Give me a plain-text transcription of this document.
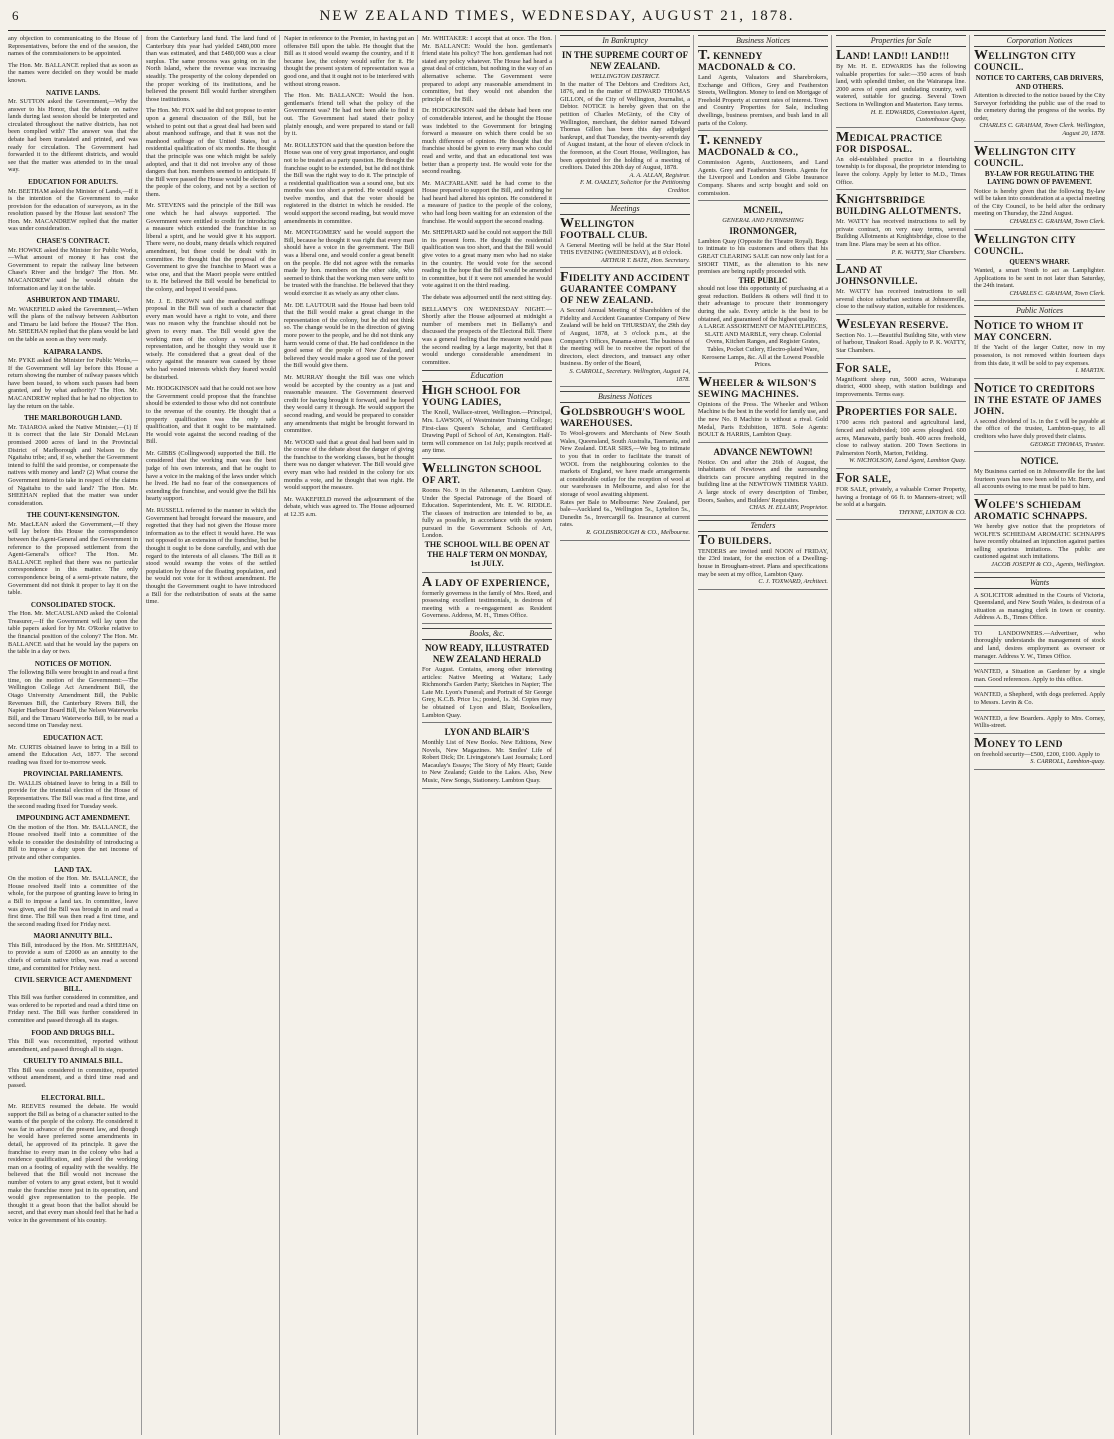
6	NEW ZEALAND TIMES, WEDNESDAY, AUGUST 21, 1878.

any objection to communicating to the House of Representatives, before the end of the session, the names of the commissioners to be appointed.

The Hon. Mr. BALLANCE replied that as soon as the names were decided on they would be made known.

NATIVE LANDS.

Mr. SUTTON asked the Government,—Why the answer to his Honor, that the debate on native lands during last session should be interpreted and circulated throughout the native districts, has not been complied with? The answer was that the debate had been translated and printed, and was ready for circulation. The Government had forwarded it to the different districts, and would see that the matter was attended to in the usual way.

EDUCATION FOR ADULTS.

Mr. BEETHAM asked the Minister of Lands,—If it is the intention of the Government to make provision for the education of surveyors, as in the resolution passed by the House last session? The Hon. Mr. MACANDREW replied that the matter was under consideration.

CHASE'S CONTRACT.

Mr. HOWKE asked the Minister for Public Works,—What amount of money it has cost the Government to repair the railway line between Chase's River and the bridge? The Hon. Mr. MACANDREW said he would obtain the information and lay it on the table.

ASHBURTON AND TIMARU.

Mr. WAKEFIELD asked the Government,—When will the plans of the railway between Ashburton and Timaru be laid before the House? The Hon. Mr. SHEEHAN replied that the plans would be laid on the table as soon as they were ready.

KAIPARA LANDS.

Mr. PYKE asked the Minister for Public Works,—If the Government will lay before this House a return showing the number of railway passes which have been issued, to whom such passes had been granted, and by what authority? The Hon. Mr. MACANDREW replied that he had no objection to lay the return on the table.

THE MARLBOROUGH LAND.

Mr. TAIAROA asked the Native Minister,—(1) If it is correct that the late Sir Donald McLean promised 2000 acres of land in the Provincial District of Marlborough and Nelson to the Ngaitahu tribe; and, if so, whether the Government intend to fulfil the said promise, or compensate the natives with money and land? (2) What course the Government intend to take in respect of the claims of Ngaitahu to the said land? The Hon. Mr. SHEEHAN replied that the matter was under consideration.

THE COUNT-KENSINGTON.

Mr. MacLEAN asked the Government,—If they will lay before this House the correspondence between the Agent-General and the Government in reference to the proposed settlement from the Agent-General's office? The Hon. Mr. BALLANCE replied that there was no particular correspondence in this matter. The only correspondence being of a semi-private nature, the Government did not think it proper to lay it on the table.

CONSOLIDATED STOCK.

The Hon. Mr. McCAUSLAND asked the Colonial Treasurer,—If the Government will lay upon the table papers asked for by Mr. O'Rorke relative to the financial position of the colony? The Hon. Mr. BALLANCE said that he would lay the papers on the table in a day or two.

NOTICES OF MOTION.

The following Bills were brought in and read a first time, on the motion of the Government:—The Wellington College Act Amendment Bill, the Otago University Amendment Bill, the Public Revenues Bill, the Canterbury Rivers Bill, the Napier Harbour Board Bill, the Nelson Waterworks Bill, and the Timaru Waterworks Bill, to be read a second time on Tuesday next.

EDUCATION ACT.

Mr. CURTIS obtained leave to bring in a Bill to amend the Education Act, 1877. The second reading was fixed for to-morrow week.

PROVINCIAL PARLIAMENTS.

Dr. WALLIS obtained leave to bring in a Bill to provide for the triennial election of the House of Representatives. The Bill was read a first time, and the second reading fixed for Tuesday week.

IMPOUNDING ACT AMENDMENT.

On the motion of the Hon. Mr. BALLANCE, the House resolved itself into a committee of the whole to consider the desirability of introducing a Bill to impose a duty upon the net income of private and other companies.

LAND TAX.

On the motion of the Hon. Mr. BALLANCE, the House resolved itself into a committee of the whole, for the purpose of granting leave to bring in a Bill to impose a land tax. In committee, leave was given, and the Bill was brought in and read a first time. The Bill was then read a first time, and the second reading fixed for Friday next.

MAORI ANNUITY BILL.

This Bill, introduced by the Hon. Mr. SHEEHAN, to provide a sum of £2000 as an annuity to the chiefs of certain native tribes, was read a second time, and committed for Friday next.

CIVIL SERVICE ACT AMENDMENT BILL.

This Bill was further considered in committee, and was ordered to be reported and read a third time on Friday next. The Bill was further considered in committee and passed through all its stages.

FOOD AND DRUGS BILL.

This Bill was recommitted, reported without amendment, and passed through all its stages.

CRUELTY TO ANIMALS BILL.

This Bill was considered in committee, reported without amendment, and a third time read and passed.

ELECTORAL BILL.

Mr. REEVES resumed the debate. He would support the Bill as being of a character suited to the wants of the people of the colony. He considered it was far in advance of the present law, and though he would have preferred some amendments in detail, he approved of its principle. It gave the franchise to every man in the colony who had a residence qualification, and placed the working man on a footing of equality with the wealthy. He believed that the Bill would not increase the number of voters to any great extent, but it would make the franchise more just in its operation, and would give representation to the people. He thought it a great boon that the ballot should be secret, and that every man should feel that he had a voice in the government of his country.

from the Canterbury land fund. The land fund of Canterbury this year had yielded £480,000 more than was estimated, and that £480,000 was a clear surplus. The same process was going on in the North Island, where the revenue was increasing steadily. The prosperity of the colony depended on the proper working of its institutions, and he believed the present Bill would further strengthen those institutions.

The Hon. Mr. FOX said he did not propose to enter upon a general discussion of the Bill, but he wished to point out that a great deal had been said about manhood suffrage, and that it was not the manhood suffrage of the United States, but a residential qualification of six months. He thought that the principle was one which might be safely adopted, and that it did not involve any of those dangers that hon. members seemed to anticipate. If the Bill were passed the House would be elected by the people of the colony, and not by a section of them.

Mr. STEVENS said the principle of the Bill was one which he had always supported. The Government were entitled to credit for introducing a measure which extended the franchise in so liberal a spirit, and he would give it his support. There were, no doubt, many details which required amendment, but these could be dealt with in committee. He thought that the proposal of the Government to give the franchise to Maori was a wise one, and that the Maori people were entitled to it. He believed the Bill would be beneficial to the colony, and hoped it would pass.

Mr. J. E. BROWN said the manhood suffrage proposal in the Bill was of such a character that every man would have a right to vote, and there was no reason why the franchise should not be given to every man. The Bill would give the working men of the colony a voice in the representation, and he thought they would use it wisely. He considered that a great deal of the outcry against the measure was caused by those who had vested interests which they feared would be disturbed.

Mr. HODGKINSON said that he could not see how the Government could propose that the franchise should be extended to those who did not contribute to the revenue of the country. He thought that a property qualification was the only safe qualification, and that it ought to be maintained. He would vote against the second reading of the Bill.

Mr. GIBBS (Collingwood) supported the Bill. He considered that the working man was the best judge of his own interests, and that he ought to have a voice in the making of the laws under which he lived. He had no fear of the consequences of extending the franchise, and would give the Bill his hearty support.

Mr. RUSSELL referred to the manner in which the Government had brought forward the measure, and regretted that they had not given the House more information as to the effect it would have. He was not opposed to an extension of the franchise, but he thought it ought to be done carefully, and with due regard to the interests of all classes. The Bill as it stood would swamp the votes of the settled population by those of the floating population, and he would not vote for it without amendment. He thought the Government ought to have introduced a Bill for the redistribution of seats at the same time.

Napier in reference to the Premier, in having put an offensive Bill upon the table. He thought that the Bill as it stood would swamp the country, and if it became law, the colony would suffer for it. He thought the present system of representation was a good one, and that it ought not to be interfered with without strong reason.

The Hon. Mr. BALLANCE: Would the hon. gentleman's friend tell what the policy of the Government was? He had not been able to find it out. The Government had stated their policy plainly enough, and were prepared to stand or fall by it.

Mr. ROLLESTON said that the question before the House was one of very great importance, and ought not to be treated as a party question. He thought the franchise ought to be extended, but he did not think the Bill was the right way to do it. The principle of a residential qualification was a sound one, but six months was too short a period. He would suggest twelve months, and that the voter should be registered in the district in which he resided. He would support the second reading, but would move amendments in committee.

Mr. MONTGOMERY said he would support the Bill, because he thought it was right that every man should have a voice in the government. The Bill was a liberal one, and would confer a great benefit on the people. He did not agree with the remarks made by hon. members on the other side, who seemed to think that the working men were unfit to be trusted with the franchise. He believed that they would exercise it as wisely as any other class.

Mr. DE LAUTOUR said the House had been told that the Bill would make a great change in the representation of the colony, but he did not think so. The change would be in the direction of giving more power to the people, and he did not think any harm would come of that. He had confidence in the good sense of the people of New Zealand, and believed they would make a good use of the power the Bill would give them.

Mr. MURRAY thought the Bill was one which would be accepted by the country as a just and reasonable measure. The Government deserved credit for having brought it forward, and he hoped they would carry it through. He would support the second reading, and would be prepared to consider any amendments that might be brought forward in committee.

Mr. WOOD said that a great deal had been said in the course of the debate about the danger of giving the franchise to the working classes, but he thought there was no danger whatever. The Bill would give every man who had resided in the colony for six months a vote, and he thought that was right. He would support the measure.

Mr. WAKEFIELD moved the adjournment of the debate, which was agreed to. The House adjourned at 12.35 a.m.

Mr. WHITAKER: I accept that at once. The Hon. Mr. BALLANCE: Would the hon. gentleman's friend state his policy? The hon. gentleman had not stated any policy whatever. The House had heard a great deal of criticism, but nothing in the way of an alternative scheme. The Government were prepared to adopt any reasonable amendment in committee, but they would not abandon the principle of the Bill.

Dr. HODGKINSON said the debate had been one of considerable interest, and he thought the House was indebted to the Government for bringing forward a measure on which there could be so much difference of opinion. He thought that the franchise should be given to every man who could read and write, and that an educational test was better than a property test. He would vote for the second reading.

Mr. MACFARLANE said he had come to the House prepared to support the Bill, and nothing he had heard had altered his opinion. He considered it a measure of justice to the people of the colony, who had long been waiting for an extension of the franchise. He would support the second reading.

Mr. SHEPHARD said he could not support the Bill in its present form. He thought the residential qualification was too short, and that the Bill would give votes to a great many men who had no stake in the country. He would vote for the second reading in the hope that the Bill would be amended in committee, but if it were not amended he would vote against it on the third reading.

The debate was adjourned until the next sitting day.

BELLAMY'S ON WEDNESDAY NIGHT.—Shortly after the House adjourned at midnight a number of members met in Bellamy's and discussed the prospects of the Electoral Bill. There was a general feeling that the measure would pass the second reading by a large majority, but that it would undergo considerable amendment in committee.

Education
HIGH SCHOOL FOR YOUNG LADIES,
The Knoll, Wallace-street, Wellington.—Principal, Mrs. LAWSON, of Westminster Training College; First-class Queen's Scholar, and Certificated Drawing Pupil of School of Art, Kensington. Half-term will commence on 1st July; pupils received at any time.
WELLINGTON SCHOOL OF ART.
Rooms No. 9 in the Athenæum, Lambton Quay. Under the Special Patronage of the Board of Education. Superintendent, Mr. E. W. RIDDLE. The classes of instruction are intended to be, as fully as possible, in accordance with the system pursued in the Government Schools of Art, London.
THE SCHOOL WILL BE OPEN AT THE HALF TERM ON MONDAY, 1st JULY.
A LADY OF EXPERIENCE,
formerly governess in the family of Mrs. Reed, and possessing excellent testimonials, is desirous of meeting with a re-engagement as Resident Governess. Address, M. H., Times Office.
Books, &c.
NOW READY, ILLUSTRATED NEW ZEALAND HERALD
For August. Contains, among other interesting articles: Native Meeting at Waitara; Lady Richmond's Garden Party; Sketches in Napier; The Late Mr. Lyon's Funeral; and Portrait of Sir George Grey, K.C.B. Price 1s.; posted, 1s. 3d. Copies may be obtained of Lyon and Blair, Booksellers, Lambton Quay.
LYON AND BLAIR'S
Monthly List of New Books. New Editions, New Novels, New Magazines. Mr. Smiles' Life of Robert Dick; Dr. Livingstone's Last Journals; Lord Macaulay's Essays; The Story of My Heart; Guide to New Zealand; Guide to the Lakes. Also, New Music, New Songs, Stationery. Lambton Quay.
In Bankruptcy
IN THE SUPREME COURT OF NEW ZEALAND.
WELLINGTON DISTRICT.
In the matter of The Debtors and Creditors Act, 1876, and in the matter of EDWARD THOMAS GILLON, of the City of Wellington, Journalist, a Debtor. NOTICE is hereby given that on the petition of Charles McGinty, of the City of Wellington, merchant, the debtor named Edward Thomas Gillon has been this day adjudged bankrupt, and that Tuesday, the twenty-seventh day of August instant, at the hour of eleven o'clock in the forenoon, at the Court House, Wellington, has been appointed for the holding of a meeting of creditors. Dated this 20th day of August, 1878.
A. A. ALLAN, Registrar.
F. M. OAKLEY, Solicitor for the Petitioning Creditor.
Meetings
WELLINGTON FOOTBALL CLUB.
A General Meeting will be held at the Star Hotel THIS EVENING (WEDNESDAY), at 8 o'clock.
ARTHUR T. BATE, Hon. Secretary.
FIDELITY AND ACCIDENT GUARANTEE COMPANY OF NEW ZEALAND.
A Second Annual Meeting of Shareholders of the Fidelity and Accident Guarantee Company of New Zealand will be held on THURSDAY, the 29th day of August, 1878, at 3 o'clock p.m., at the Company's Offices, Panama-street. The business of the meeting will be to receive the report of the directors, elect directors, and transact any other business. By order of the Board,
S. CARROLL, Secretary. Wellington, August 14, 1878.
Business Notices
GOLDSBROUGH'S WOOL WAREHOUSES.
To Wool-growers and Merchants of New South Wales, Queensland, South Australia, Tasmania, and New Zealand. DEAR SIRS,—We beg to intimate to you that in order to facilitate the transit of WOOL from the neighbouring colonies to the markets of England, we have made arrangements at considerable outlay for the reception of wool at our warehouses in Melbourne, and also for the storage of wool awaiting shipment.
Rates per Bale to Melbourne: New Zealand, per bale—Auckland 6s., Wellington 5s., Lyttelton 5s., Dunedin 5s., Invercargill 6s. Insurance at current rates.
R. GOLDSBROUGH & CO., Melbourne.
Business Notices
T. KENNEDY MACDONALD & CO.
Land Agents, Valuators and Sharebrokers, Exchange and Offices, Grey and Featherston Streets, Wellington. Money to lend on Mortgage of Freehold Property at current rates of interest. Town and Country Properties for Sale, including dwellings, business premises, and bush land in all parts of the Colony.
T. KENNEDY MACDONALD & CO.,
Commission Agents, Auctioneers, and Land Agents. Grey and Featherston Streets. Agents for the Liverpool and London and Globe Insurance Company. Shares and scrip bought and sold on commission.
MCNEIL,
GENERAL AND FURNISHING
IRONMONGER,
Lambton Quay (Opposite the Theatre Royal). Begs to intimate to his customers and others that his GREAT CLEARING SALE can now only last for a SHORT TIME, as the alteration to his new premises are being rapidly proceeded with.
THE PUBLIC
should not lose this opportunity of purchasing at a great reduction. Builders & others will find it to their advantage to procure their ironmongery during the sale. Every article is the best to be obtained, and guaranteed of the highest quality.
A LARGE ASSORTMENT OF MANTELPIECES, SLATE AND MARBLE, very cheap. Colonial Ovens, Kitchen Ranges, and Register Grates, Tables, Pocket Cutlery, Electro-plated Ware, Kerosene Lamps, &c. All at the Lowest Possible Prices.
WHEELER & WILSON'S SEWING MACHINES.
Opinions of the Press. The Wheeler and Wilson Machine is the best in the world for family use, and the new No. 8 Machine is without a rival. Gold Medal, Paris Exhibition, 1878. Sole Agents: BOULT & HARRIS, Lambton Quay.
ADVANCE NEWTOWN!
Notice. On and after the 26th of August, the inhabitants of Newtown and the surrounding districts can procure anything required in the building line at the NEWTOWN TIMBER YARD. A large stock of every description of Timber, Doors, Sashes, and Builders' Requisites.
CHAS. H. ELLABY, Proprietor.
Tenders
TO BUILDERS.
TENDERS are invited until NOON of FRIDAY, the 23rd instant, for the erection of a Dwelling-house in Brougham-street. Plans and specifications may be seen at my office, Lambton Quay.
C. J. TOXWARD, Architect.
Properties for Sale
LAND! LAND!! LAND!!!
By Mr. H. E. EDWARDS has the following valuable properties for sale:—350 acres of bush land, with splendid timber, on the Wairarapa line. 2000 acres of open and undulating country, well watered, suitable for grazing. Several Town Sections in Wellington and Masterton. Easy terms.
H. E. EDWARDS, Commission Agent, Customhouse Quay.
MEDICAL PRACTICE FOR DISPOSAL.
An old-established practice in a flourishing township is for disposal, the proprietor intending to leave the colony. Apply by letter to M.D., Times Office.
KNIGHTSBRIDGE BUILDING ALLOTMENTS.
Mr. WATTY has received instructions to sell by private contract, on very easy terms, several Building Allotments at Knightsbridge, close to the tram line. Plans may be seen at his office.
P. K. WATTY, Star Chambers.
LAND AT JOHNSONVILLE.
Mr. WATTY has received instructions to sell several choice suburban sections at Johnsonville, close to the railway station, suitable for residences.
WESLEYAN RESERVE.
Section No. 1.—Beautiful Building Site, with view of harbour, Tinakori Road. Apply to P. K. WATTY, Star Chambers.
FOR SALE,
Magnificent sheep run, 5000 acres, Wairarapa district, 4000 sheep, with station buildings and improvements. Terms easy.
PROPERTIES FOR SALE.
1700 acres rich pastoral and agricultural land, fenced and subdivided; 100 acres ploughed. 600 acres, Manawatu, partly bush. 400 acres freehold, close to railway station. 200 Town Sections in Palmerston North, Marton, Feilding.
W. NICHOLSON, Land Agent, Lambton Quay.
FOR SALE,
FOR SALE, privately, a valuable Corner Property, having a frontage of 66 ft. to Manners-street; will be sold at a bargain.
THYNNE, LINTON & CO.
Corporation Notices
WELLINGTON CITY COUNCIL.
NOTICE TO CARTERS, CAB DRIVERS, AND OTHERS.
Attention is directed to the notice issued by the City Surveyor forbidding the public use of the road to the cemetery during the progress of the works. By order,
CHARLES C. GRAHAM, Town Clerk. Wellington, August 20, 1878.
WELLINGTON CITY COUNCIL.
BY-LAW FOR REGULATING THE LAYING DOWN OF PAVEMENT.
Notice is hereby given that the following By-law will be taken into consideration at a special meeting of the City Council, to be held after the ordinary meeting on Thursday, the 22nd August.
CHARLES C. GRAHAM, Town Clerk.
WELLINGTON CITY COUNCIL.
QUEEN'S WHARF.
Wanted, a smart Youth to act as Lamplighter. Applications to be sent in not later than Saturday, the 24th instant.
CHARLES C. GRAHAM, Town Clerk.
Public Notices
NOTICE TO WHOM IT MAY CONCERN.
If the Yacht of the larger Cutter, now in my possession, is not removed within fourteen days from this date, it will be sold to pay expenses.
I. MARTIN.
NOTICE TO CREDITORS IN THE ESTATE OF JAMES JOHN.
A second dividend of 1s. in the £ will be payable at the office of the trustee, Lambton-quay, to all creditors who have duly proved their claims.
GEORGE THOMAS, Trustee.
NOTICE.
My Business carried on in Johnsonville for the last fourteen years has now been sold to Mr. Berry, and all accounts owing to me must be paid to him.
WOLFE'S SCHIEDAM AROMATIC SCHNAPPS.
We hereby give notice that the proprietors of WOLFE'S SCHIEDAM AROMATIC SCHNAPPS have recently obtained an injunction against parties selling spurious imitations. The public are cautioned against such imitations.
JACOB JOSEPH & CO., Agents, Wellington.
Wants
A SOLICITOR admitted in the Courts of Victoria, Queensland, and New South Wales, is desirous of a situation as managing clerk in town or country. Address A. B., Times Office.
TO LANDOWNERS.—Advertiser, who thoroughly understands the management of stock and land, desires employment as overseer or manager. Address Y. W., Times Office.
WANTED, a Situation as Gardener by a single man. Good references. Apply to this office.
WANTED, a Shepherd, with dogs preferred. Apply to Messrs. Levin & Co.
WANTED, a few Boarders. Apply to Mrs. Corney, Willis-street.
MONEY TO LEND
on freehold security—£500, £200, £100. Apply to
S. CARROLL, Lambton-quay.
